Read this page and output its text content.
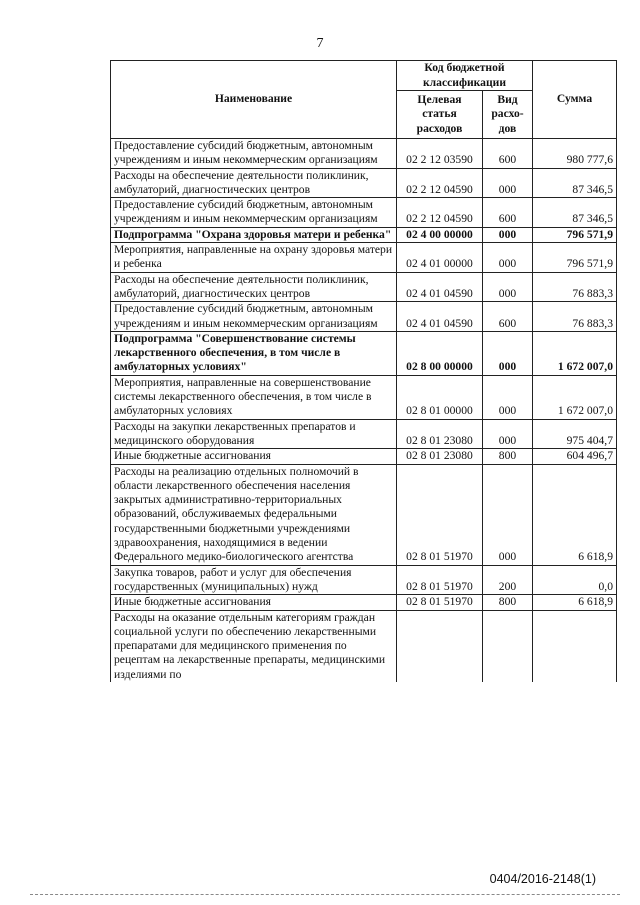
7
Наименование	Код бюджетной классификации		Сумма
	Целевая статья расходов	Вид расхо-дов	
Предоставление субсидий бюджетным, автономным учреждениям и иным некоммерческим организациям	02 2 12 03590	600	980 777,6
Расходы на обеспечение деятельности поликлиник, амбулаторий, диагностических центров	02 2 12 04590	000	87 346,5
Предоставление субсидий бюджетным, автономным учреждениям и иным некоммерческим организациям	02 2 12 04590	600	87 346,5
Подпрограмма "Охрана здоровья матери и ребенка"	02 4 00 00000	000	796 571,9
Мероприятия, направленные на охрану здоровья матери и ребенка	02 4 01 00000	000	796 571,9
Расходы на обеспечение деятельности поликлиник, амбулаторий, диагностических центров	02 4 01 04590	000	76 883,3
Предоставление субсидий бюджетным, автономным учреждениям и иным некоммерческим организациям	02 4 01 04590	600	76 883,3
Подпрограмма "Совершенствование системы лекарственного обеспечения, в том числе в амбулаторных условиях"	02 8 00 00000	000	1 672 007,0
Мероприятия, направленные на совершенствование системы лекарственного обеспечения, в том числе в амбулаторных условиях	02 8 01 00000	000	1 672 007,0
Расходы на закупки лекарственных препаратов и медицинского оборудования	02 8 01 23080	000	975 404,7
Иные бюджетные ассигнования	02 8 01 23080	800	604 496,7
Расходы на реализацию отдельных полномочий в области лекарственного обеспечения населения закрытых административно-территориальных образований, обслуживаемых федеральными государственными бюджетными учреждениями здравоохранения, находящимися в ведении Федерального медико-биологического агентства	02 8 01 51970	000	6 618,9
Закупка товаров, работ и услуг для обеспечения государственных (муниципальных) нужд	02 8 01 51970	200	0,0
Иные бюджетные ассигнования	02 8 01 51970	800	6 618,9
Расходы на оказание отдельным категориям граждан социальной услуги по обеспечению лекарственными препаратами для медицинского применения по рецептам на лекарственные препараты, медицинскими изделиями по			
0404/2016-2148(1)
